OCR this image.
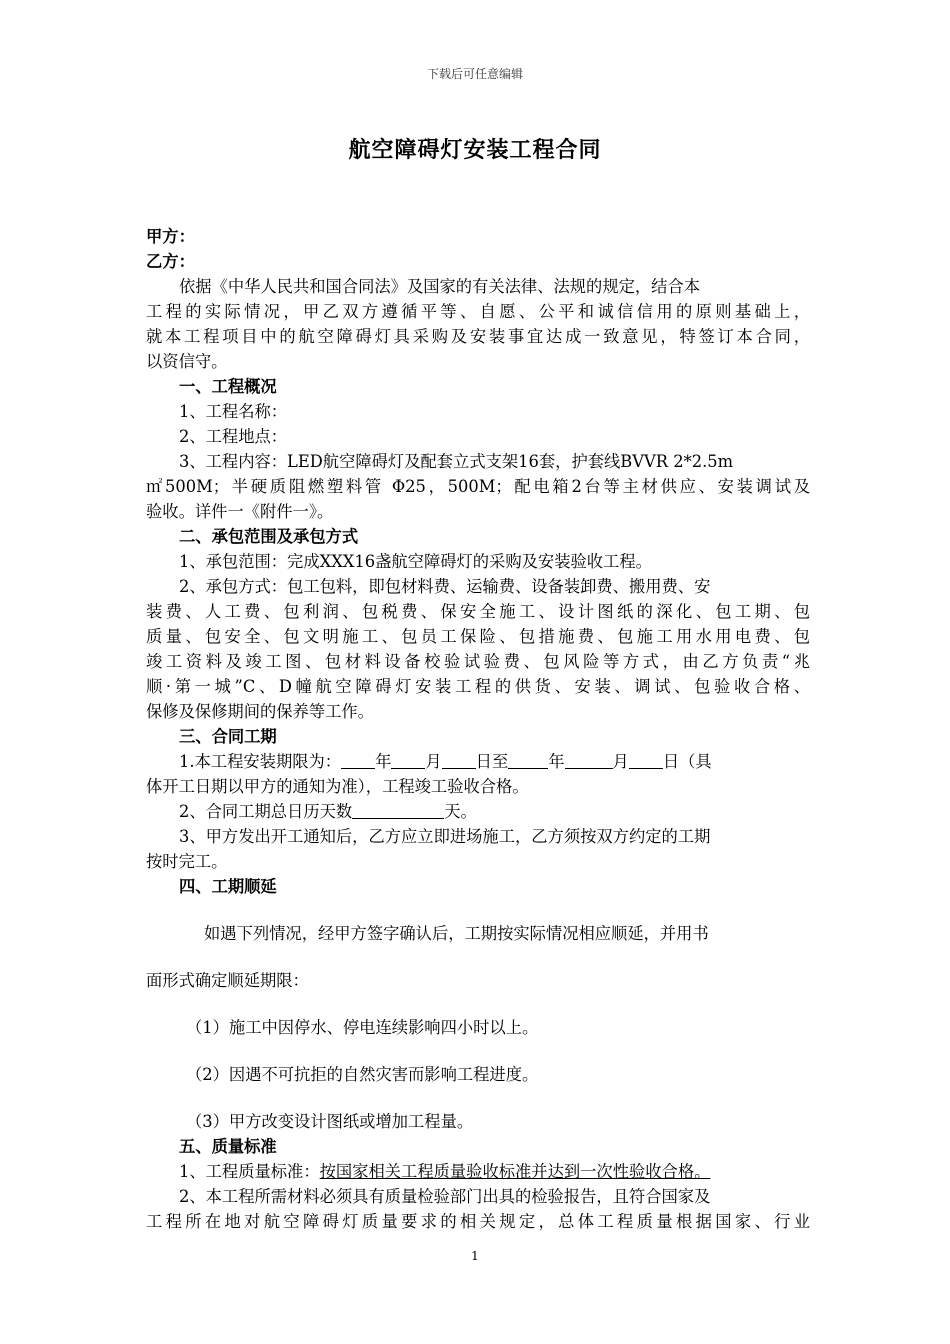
下载后可任意编辑
航空障碍灯安装工程合同
甲方：
乙方：
依据《中华人民共和国合同法》及国家的有关法律、法规的规定，结合本
工程的实际情况，甲乙双方遵循平等、自愿、公平和诚信信用的原则基础上，
就本工程项目中的航空障碍灯具采购及安装事宜达成一致意见，特签订本合同，
以资信守。
一、工程概况
1、工程名称：
2、工程地点：
3、工程内容：LED航空障碍灯及配套立式支架16套，护套线BVVR 2*2.5m
㎡500M；半硬质阻燃塑料管 Φ25，500M；配电箱2台等主材供应、安装调试及
验收。详件一《附件一》。
二、承包范围及承包方式
1、承包范围：完成XXX16盏航空障碍灯的采购及安装验收工程。
2、承包方式：包工包料，即包材料费、运输费、设备装卸费、搬用费、安
装费、人工费、包利润、包税费、保安全施工、设计图纸的深化、包工期、包
质量、包安全、包文明施工、包员工保险、包措施费、包施工用水用电费、包
竣工资料及竣工图、包材料设备校验试验费、包风险等方式，由乙方负责“兆
顺·第一城”C、D幢航空障碍灯安装工程的供货、安装、调试、包验收合格、
保修及保修期间的保养等工作。
三、合同工期
1.本工程安装期限为： 年 月 日至 年	月 日（具
体开工日期以甲方的通知为准），工程竣工验收合格。
2、合同工期总日历天数	天。
3、甲方发出开工通知后，乙方应立即进场施工，乙方须按双方约定的工期
按时完工。
四、工期顺延
如遇下列情况，经甲方签字确认后，工期按实际情况相应顺延，并用书
面形式确定顺延期限：
（1）施工中因停水、停电连续影响四小时以上。
（2）因遇不可抗拒的自然灾害而影响工程进度。
（3）甲方改变设计图纸或增加工程量。
五、质量标准
1、工程质量标准：按国家相关工程质量验收标准并达到一次性验收合格。
2、本工程所需材料必须具有质量检验部门出具的检验报告，且符合国家及
工程所在地对航空障碍灯质量要求的相关规定，总体工程质量根据国家、行业
1
